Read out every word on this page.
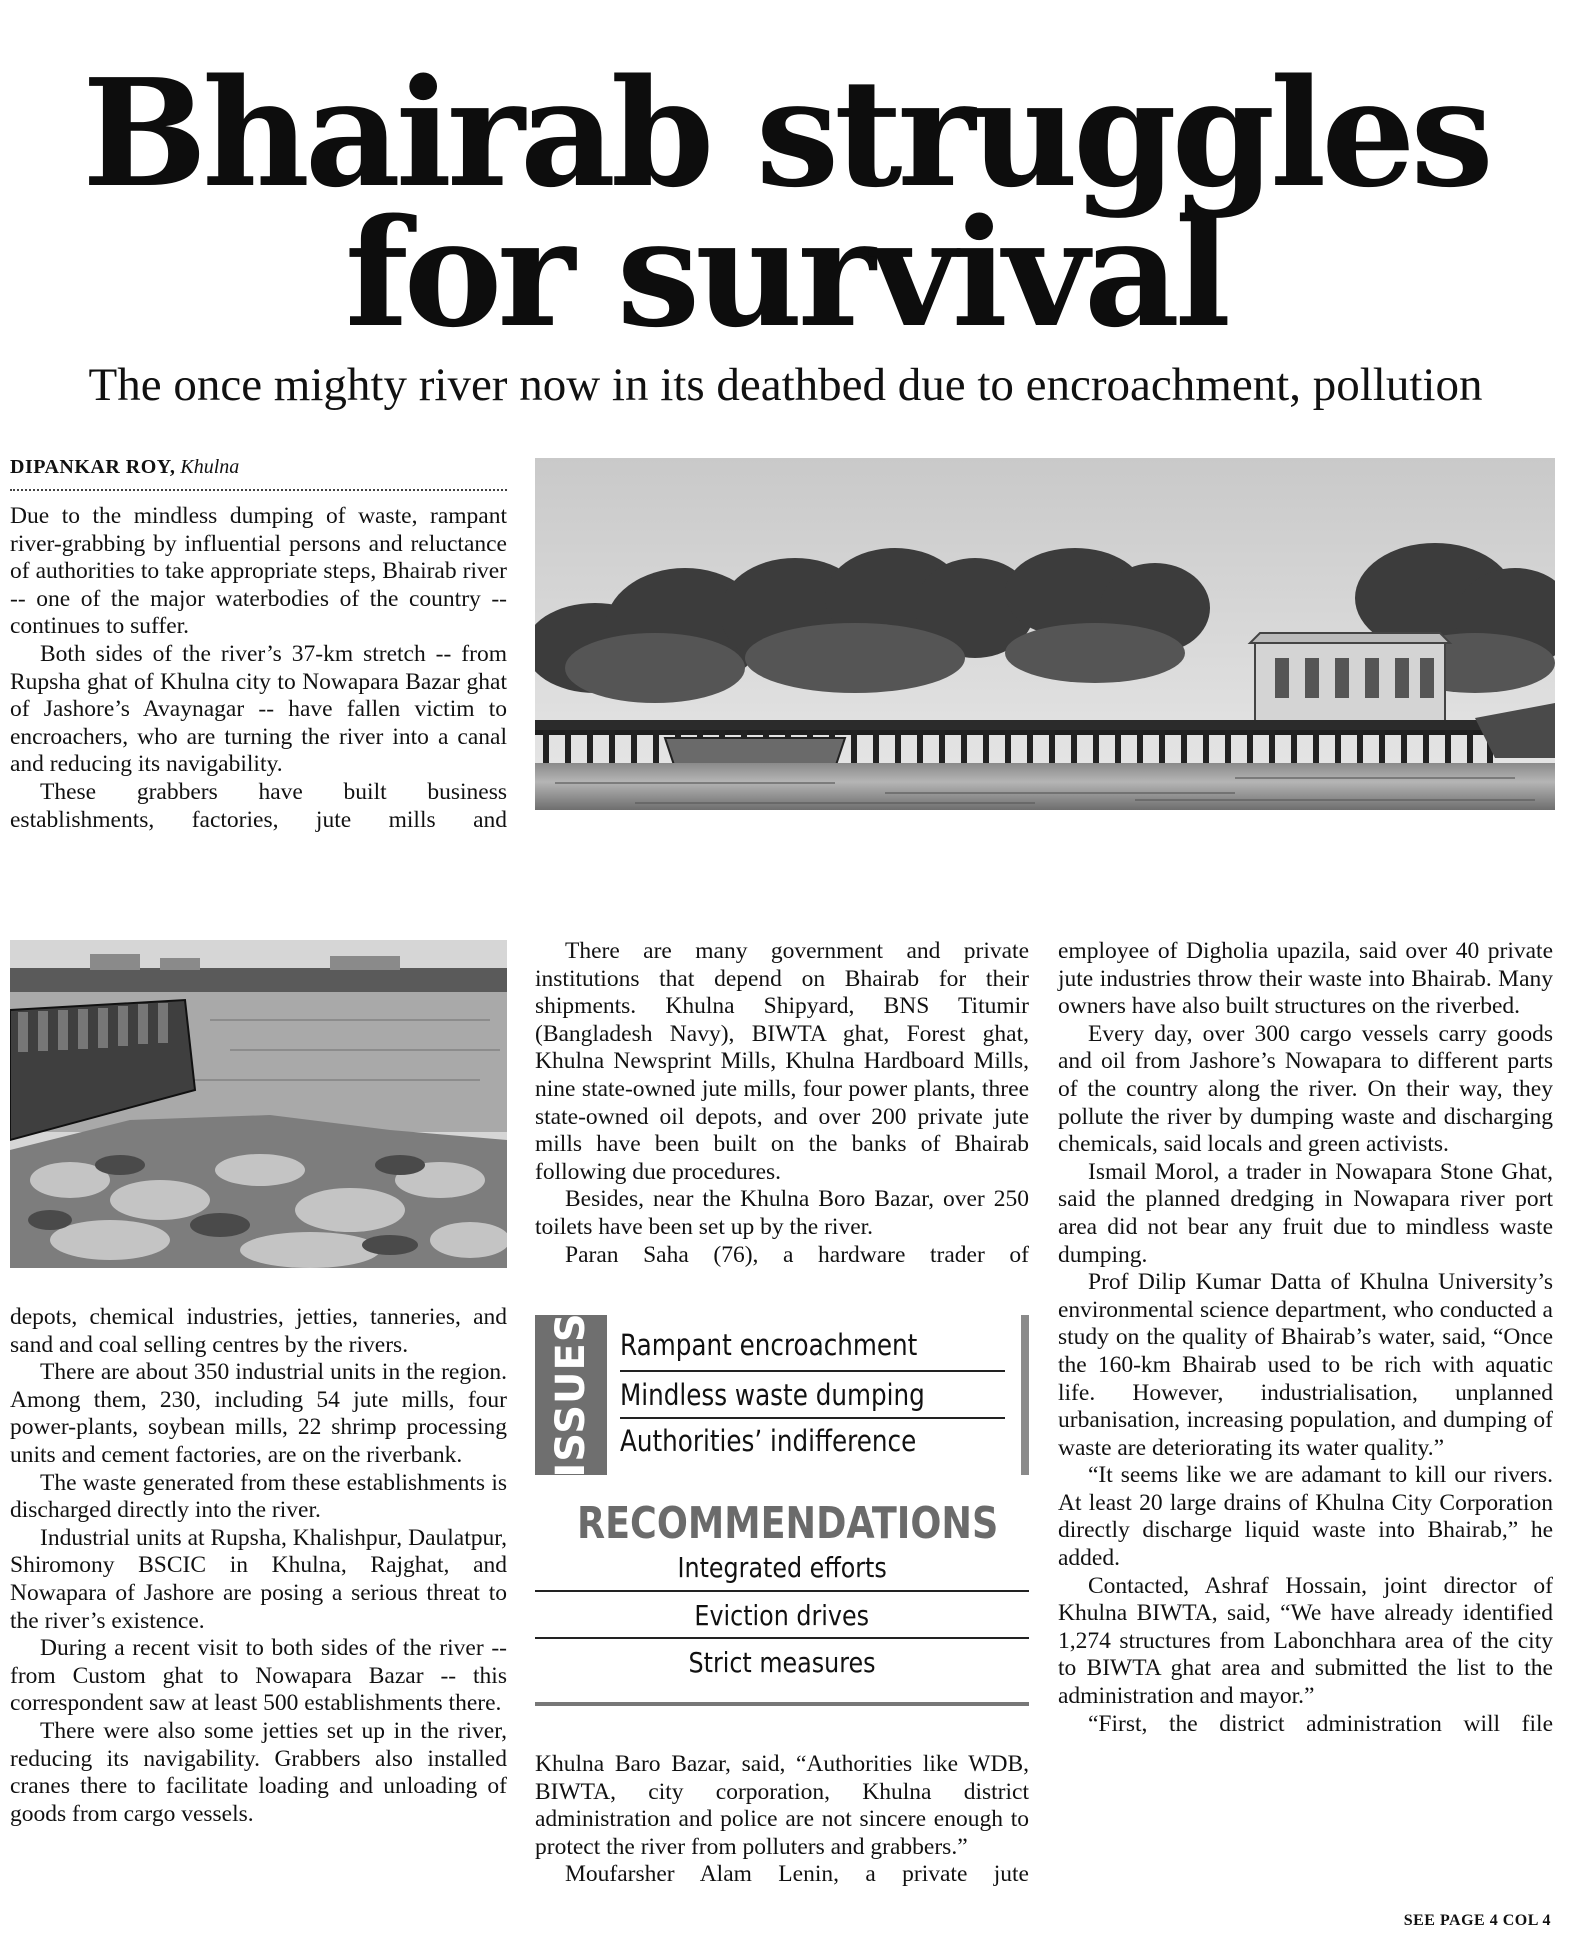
Bhairab struggles
for survival
The once mighty river now in its deathbed due to encroachment, pollution
DIPANKAR ROY, Khulna

Due to the mindless dumping of waste, rampant river-grabbing by influential persons and reluctance of authorities to take appropriate steps, Bhairab river -- one of the major waterbodies of the country -- continues to suffer.

Both sides of the river’s 37-km stretch -- from Rupsha ghat of Khulna city to Nowapara Bazar ghat of Jashore’s Avaynagar -- have fallen victim to encroachers, who are turning the river into a canal and reducing its navigability.

These grabbers have built business establishments, factories, jute mills and

depots, chemical industries, jetties, tanneries, and sand and coal selling centres by the rivers.

There are about 350 industrial units in the region. Among them, 230, including 54 jute mills, four power-plants, soybean mills, 22 shrimp processing units and cement factories, are on the riverbank.

The waste generated from these establishments is discharged directly into the river.

Industrial units at Rupsha, Khalishpur, Daulatpur, Shiromony BSCIC in Khulna, Rajghat, and Nowapara of Jashore are posing a serious threat to the river’s existence.

During a recent visit to both sides of the river -- from Custom ghat to Nowapara Bazar -- this correspondent saw at least 500 establishments there.

There were also some jetties set up in the river, reducing its navigability. Grabbers also installed cranes there to facilitate loading and unloading of goods from cargo vessels.

There are many government and private institutions that depend on Bhairab for their shipments. Khulna Shipyard, BNS Titumir (Bangladesh Navy), BIWTA ghat, Forest ghat, Khulna Newsprint Mills, Khulna Hardboard Mills, nine state-owned jute mills, four power plants, three state-owned oil depots, and over 200 private jute mills have been built on the banks of Bhairab following due procedures.

Besides, near the Khulna Boro Bazar, over 250 toilets have been set up by the river.

Paran Saha (76), a hardware trader of

ISSUES Rampant encroachment
Mindless waste dumping
Authorities’ indifference
RECOMMENDATIONS
Integrated efforts
Eviction drives
Strict measures

Khulna Baro Bazar, said, “Authorities like WDB, BIWTA, city corporation, Khulna district administration and police are not sincere enough to protect the river from polluters and grabbers.”

Moufarsher Alam Lenin, a private jute

employee of Digholia upazila, said over 40 private jute industries throw their waste into Bhairab. Many owners have also built structures on the riverbed.

Every day, over 300 cargo vessels carry goods and oil from Jashore’s Nowapara to different parts of the country along the river. On their way, they pollute the river by dumping waste and discharging chemicals, said locals and green activists.

Ismail Morol, a trader in Nowapara Stone Ghat, said the planned dredging in Nowapara river port area did not bear any fruit due to mindless waste dumping.

Prof Dilip Kumar Datta of Khulna University’s environmental science department, who conducted a study on the quality of Bhairab’s water, said, “Once the 160-km Bhairab used to be rich with aquatic life. However, industrialisation, unplanned urbanisation, increasing population, and dumping of waste are deteriorating its water quality.”

“It seems like we are adamant to kill our rivers. At least 20 large drains of Khulna City Corporation directly discharge liquid waste into Bhairab,” he added.

Contacted, Ashraf Hossain, joint director of Khulna BIWTA, said, “We have already identified 1,274 structures from Labonchhara area of the city to BIWTA ghat area and submitted the list to the administration and mayor.”

“First, the district administration will file

SEE PAGE 4 COL 4
